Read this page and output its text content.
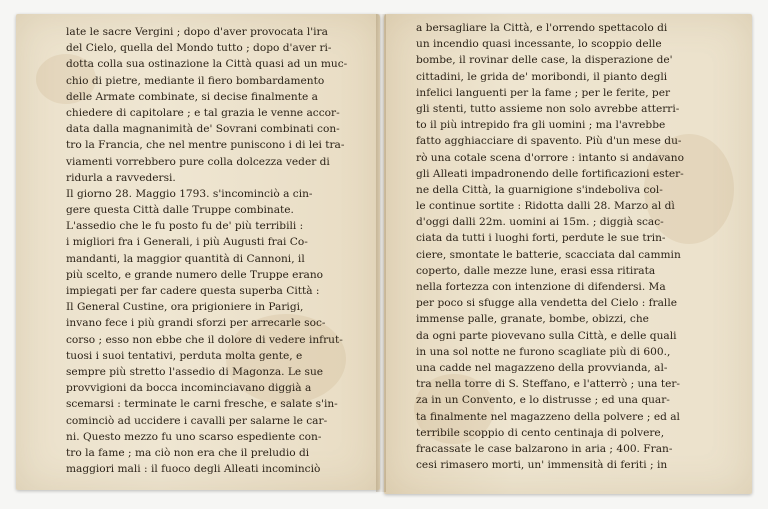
late le sacre Vergini ; dopo d'aver provocata l'ira
del Cielo, quella del Mondo tutto ; dopo d'aver ri-
dotta colla sua ostinazione la Città quasi ad un muc-
chio di pietre, mediante il fiero bombardamento
delle Armate combinate, si decise finalmente a
chiedere di capitolare ; e tal grazia le venne accor-
data dalla magnanimità de' Sovrani combinati con-
tro la Francia, che nel mentre puniscono i di lei tra-
viamenti vorrebbero pure colla dolcezza veder di
ridurla a ravvedersi.
Il giorno 28. Maggio 1793. s'incominciò a cin-
gere questa Città dalle Truppe combinate.
L'assedio che le fu posto fu de' più terribili :
i migliori fra i Generali, i più Augusti frai Co-
mandanti, la maggior quantità di Cannoni, il
più scelto, e grande numero delle Truppe erano
impiegati per far cadere questa superba Città :
Il General Custine, ora prigioniere in Parigi,
invano fece i più grandi sforzi per arrecarle soc-
corso ; esso non ebbe che il dolore di vedere infrut-
tuosi i suoi tentativi, perduta molta gente, e
sempre più stretto l'assedio di Magonza. Le sue
provvigioni da bocca incominciavano diggià a
scemarsi : terminate le carni fresche, e salate s'in-
cominciò ad uccidere i cavalli per salarne le car-
ni. Questo mezzo fu uno scarso espediente con-
tro la fame ; ma ciò non era che il preludio di
maggiori mali : il fuoco degli Alleati incominciò
a bersagliare la Città, e l'orrendo spettacolo di
un incendio quasi incessante, lo scoppio delle
bombe, il rovinar delle case, la disperazione de'
cittadini, le grida de' moribondi, il pianto degli
infelici languenti per la fame ; per le ferite, per
gli stenti, tutto assieme non solo avrebbe atterri-
to il più intrepido fra gli uomini ; ma l'avrebbe
fatto agghiacciare di spavento. Più d'un mese du-
rò una cotale scena d'orrore : intanto si andavano
gli Alleati impadronendo delle fortificazioni ester-
ne della Città, la guarnigione s'indeboliva col-
le continue sortite : Ridotta dalli 28. Marzo al dì
d'oggi dalli 22m. uomini ai 15m. ; diggià scac-
ciata da tutti i luoghi forti, perdute le sue trin-
ciere, smontate le batterie, scacciata dal cammin
coperto, dalle mezze lune, erasi essa ritirata
nella fortezza con intenzione di difendersi. Ma
per poco si sfugge alla vendetta del Cielo : fralle
immense palle, granate, bombe, obizzi, che
da ogni parte piovevano sulla Città, e delle quali
in una sol notte ne furono scagliate più di 600.,
una cadde nel magazzeno della provvianda, al-
tra nella torre di S. Steffano, e l'atterrò ; una ter-
za in un Convento, e lo distrusse ; ed una quar-
ta finalmente nel magazzeno della polvere ; ed al
terribile scoppio di cento centinaja di polvere,
fracassate le case balzarono in aria ; 400. Fran-
cesi rimasero morti, un' immensità di feriti ; in
